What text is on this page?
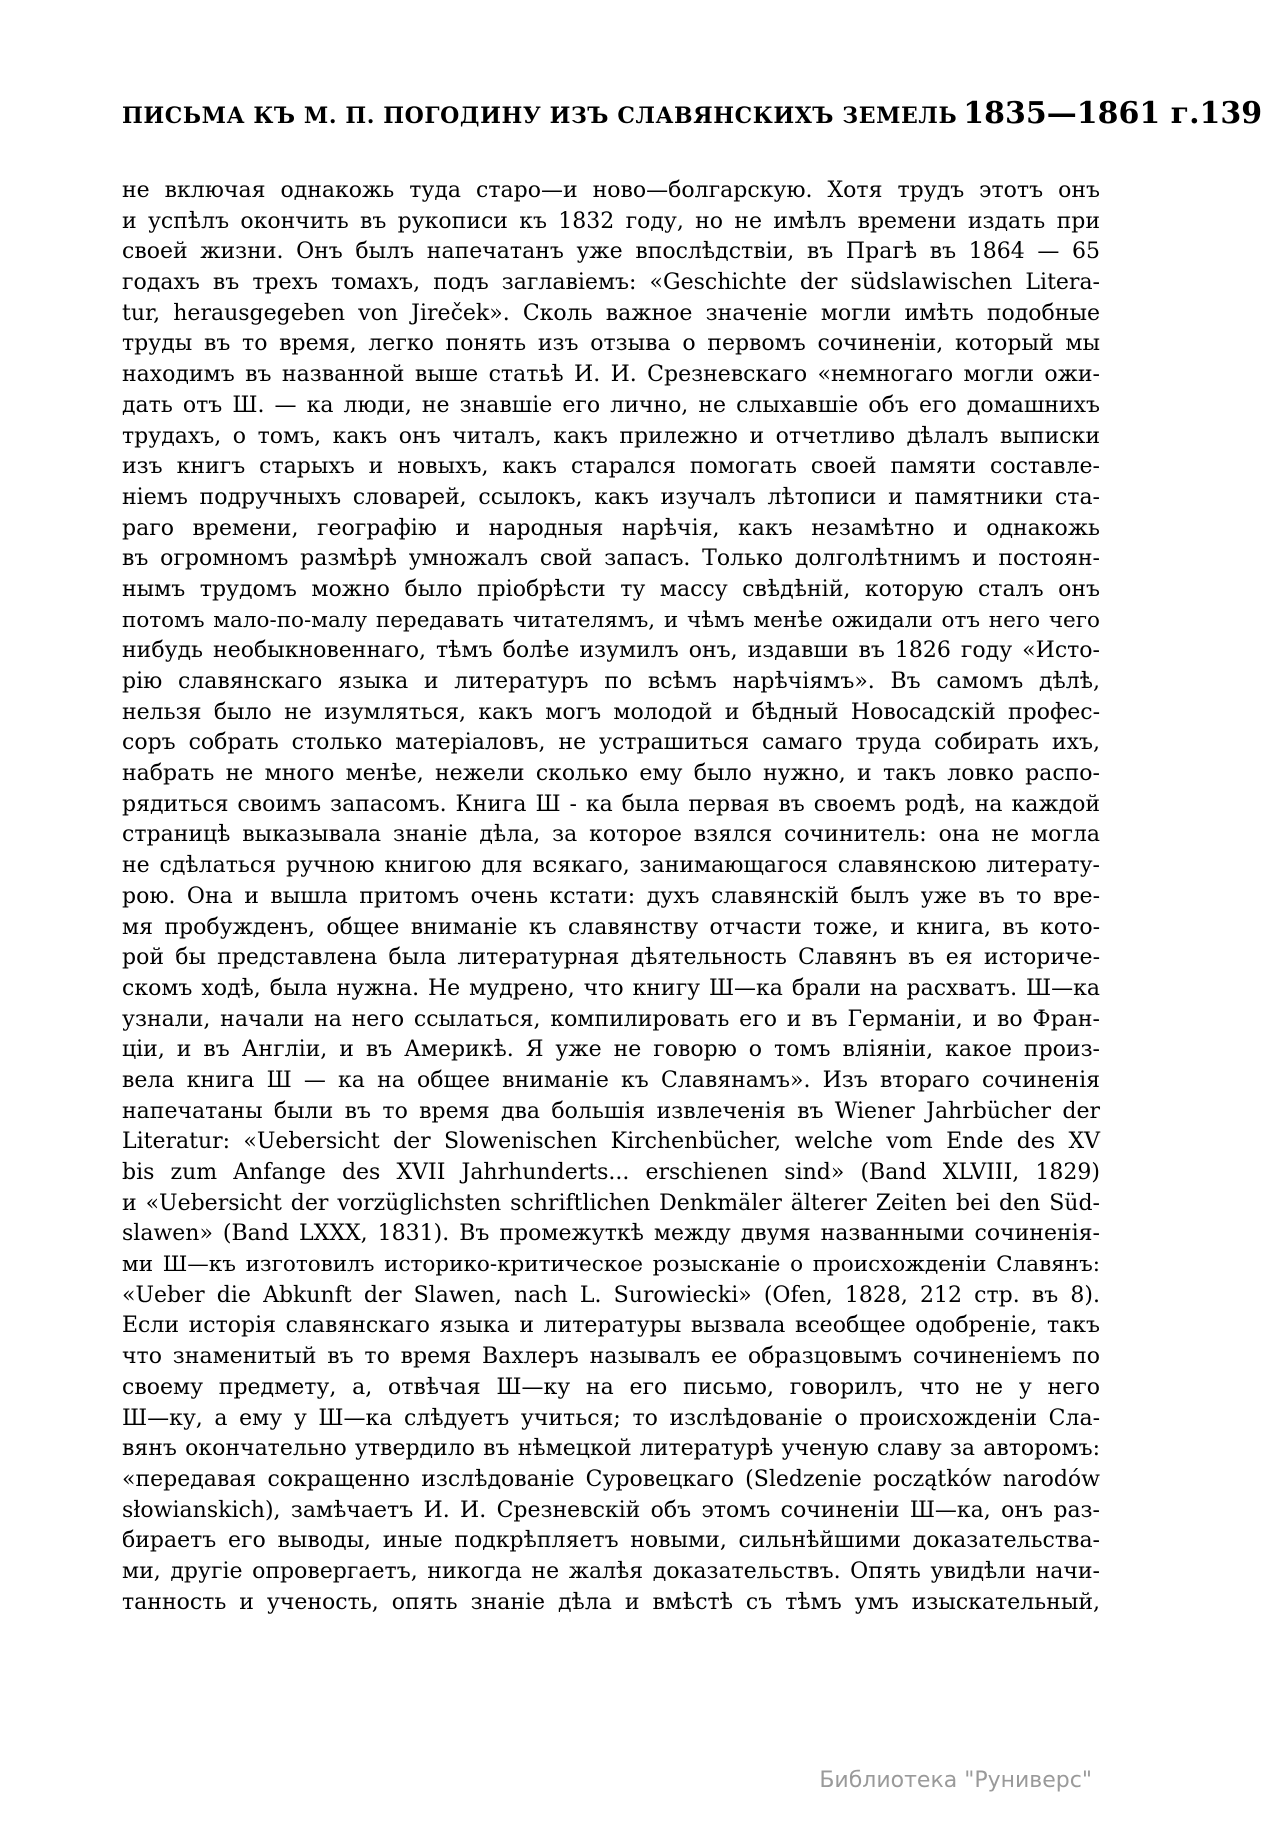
ПИСЬМА КЪ М. П. ПОГОДИНУ ИЗЪ СЛАВЯНСКИХЪ ЗЕМЕЛЬ 1835—1861 г. 139
не включая однакожь туда старо—и ново—болгарскую. Хотя трудъ этотъ онъ
и успѣлъ окончить въ рукописи къ 1832 году, но не имѣлъ времени издать при
своей жизни. Онъ былъ напечатанъ уже впослѣдствіи, въ Прагѣ въ 1864 — 65
годахъ въ трехъ томахъ, подъ заглавіемъ: «Geschichte der südslawischen Litera-
tur, herausgegeben von Jireček». Сколь важное значеніе могли имѣть подобные
труды въ то время, легко понять изъ отзыва о первомъ сочиненіи, который мы
находимъ въ названной выше статьѣ И. И. Срезневскаго «немногаго могли ожи-
дать отъ Ш. — ка люди, не знавшіе его лично, не слыхавшіе объ его домашнихъ
трудахъ, о томъ, какъ онъ читалъ, какъ прилежно и отчетливо дѣлалъ выписки
изъ книгъ старыхъ и новыхъ, какъ старался помогать своей памяти составле-
ніемъ подручныхъ словарей, ссылокъ, какъ изучалъ лѣтописи и памятники ста-
раго времени, географію и народныя нарѣчія, какъ незамѣтно и однакожь
въ огромномъ размѣрѣ умножалъ свой запасъ. Только долголѣтнимъ и постоян-
нымъ трудомъ можно было пріобрѣсти ту массу свѣдѣній, которую сталъ онъ
потомъ мало-по-малу передавать читателямъ, и чѣмъ менѣе ожидали отъ него чего
нибудь необыкновеннаго, тѣмъ болѣе изумилъ онъ, издавши въ 1826 году «Исто-
рію славянскаго языка и литературъ по всѣмъ нарѣчіямъ». Въ самомъ дѣлѣ,
нельзя было не изумляться, какъ могъ молодой и бѣдный Новосадскій профес-
соръ собрать столько матеріаловъ, не устрашиться самаго труда собирать ихъ,
набрать не много менѣе, нежели сколько ему было нужно, и такъ ловко распо-
рядиться своимъ запасомъ. Книга Ш - ка была первая въ своемъ родѣ, на каждой
страницѣ выказывала знаніе дѣла, за которое взялся сочинитель: она не могла
не сдѣлаться ручною книгою для всякаго, занимающагося славянскою литерату-
рою. Она и вышла притомъ очень кстати: духъ славянскій былъ уже въ то вре-
мя пробужденъ, общее вниманіе къ славянству отчасти тоже, и книга, въ кото-
рой бы представлена была литературная дѣятельность Славянъ въ ея историче-
скомъ ходѣ, была нужна. Не мудрено, что книгу Ш—ка брали на расхватъ. Ш—ка
узнали, начали на него ссылаться, компилировать его и въ Германіи, и во Фран-
ціи, и въ Англіи, и въ Америкѣ. Я уже не говорю о томъ вліяніи, какое произ-
вела книга Ш — ка на общее вниманіе къ Славянамъ». Изъ втораго сочиненія
напечатаны были въ то время два большія извлеченія въ Wiener Jahrbücher der
Literatur: «Uebersicht der Slowenischen Kirchenbücher, welche vom Ende des XV
bis zum Anfange des XVII Jahrhunderts... erschienen sind» (Band XLVIII, 1829)
и «Uebersicht der vorzüglichsten schriftlichen Denkmäler älterer Zeiten bei den Süd-
slawen» (Band LXXX, 1831). Въ промежуткѣ между двумя названными сочиненія-
ми Ш—къ изготовилъ историко-критическое розысканіе о происхожденіи Славянъ:
«Ueber die Abkunft der Slawen, nach L. Surowiecki» (Ofen, 1828, 212 стр. въ 8).
Если исторія славянскаго языка и литературы вызвала всеобщее одобреніе, такъ
что знаменитый въ то время Вахлеръ называлъ ее образцовымъ сочиненіемъ по
своему предмету, а, отвѣчая Ш—ку на его письмо, говорилъ, что не у него
Ш—ку, а ему у Ш—ка слѣдуетъ учиться; то изслѣдованіе о происхожденіи Сла-
вянъ окончательно утвердило въ нѣмецкой литературѣ ученую славу за авторомъ:
«передавая сокращенно изслѣдованіе Суровецкаго (Sledzenie początków narodów
słowianskich), замѣчаетъ И. И. Срезневскій объ этомъ сочиненіи Ш—ка, онъ раз-
бираетъ его выводы, иные подкрѣпляетъ новыми, сильнѣйшими доказательства-
ми, другіе опровергаетъ, никогда не жалѣя доказательствъ. Опять увидѣли начи-
танность и ученость, опять знаніе дѣла и вмѣстѣ съ тѣмъ умъ изыскательный,
Библиотека "Руниверс"
